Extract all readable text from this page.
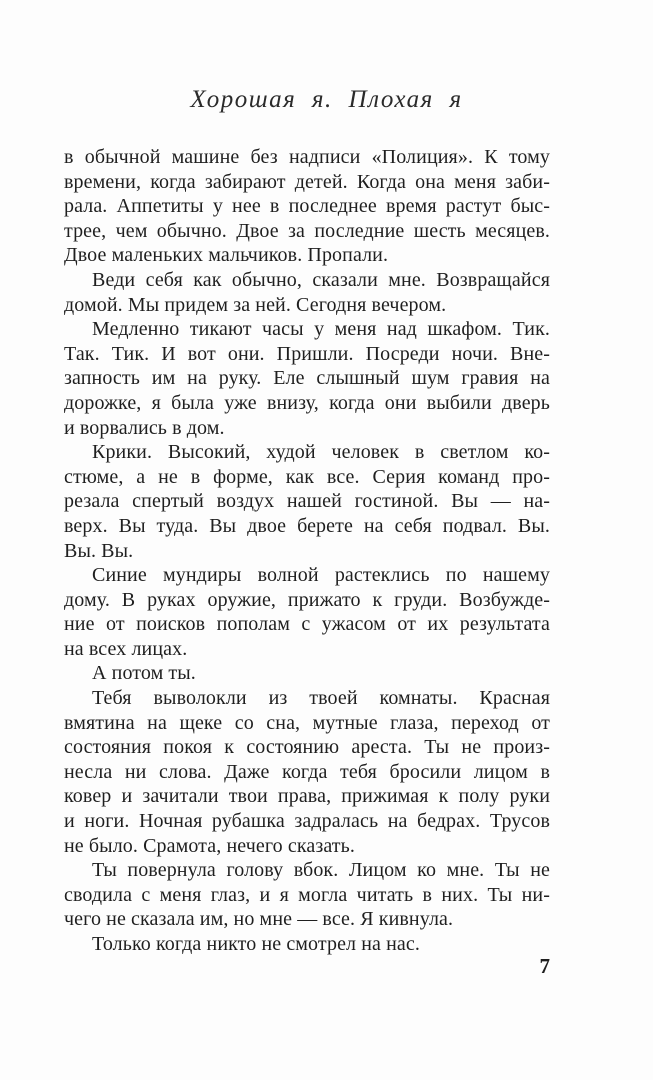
Хорошая я. Плохая я
в обычной машине без надписи «Полиция». К тому
времени, когда забирают детей. Когда она меня заби-
рала. Аппетиты у нее в последнее время растут быс-
трее, чем обычно. Двое за последние шесть месяцев.
Двое маленьких мальчиков. Пропали.
Веди себя как обычно, сказали мне. Возвращайся
домой. Мы придем за ней. Сегодня вечером.
Медленно тикают часы у меня над шкафом. Тик.
Так. Тик. И вот они. Пришли. Посреди ночи. Вне-
запность им на руку. Еле слышный шум гравия на
дорожке, я была уже внизу, когда они выбили дверь
и ворвались в дом.
Крики. Высокий, худой человек в светлом ко-
стюме, а не в форме, как все. Серия команд про-
резала спертый воздух нашей гостиной. Вы — на-
верх. Вы туда. Вы двое берете на себя подвал. Вы.
Вы. Вы.
Синие мундиры волной растеклись по нашему
дому. В руках оружие, прижато к груди. Возбужде-
ние от поисков пополам с ужасом от их результата
на всех лицах.
А потом ты.
Тебя выволокли из твоей комнаты. Красная
вмятина на щеке со сна, мутные глаза, переход от
состояния покоя к состоянию ареста. Ты не произ-
несла ни слова. Даже когда тебя бросили лицом в
ковер и зачитали твои права, прижимая к полу руки
и ноги. Ночная рубашка задралась на бедрах. Трусов
не было. Срамота, нечего сказать.
Ты повернула голову вбок. Лицом ко мне. Ты не
сводила с меня глаз, и я могла читать в них. Ты ни-
чего не сказала им, но мне — все. Я кивнула.
Только когда никто не смотрел на нас.
7
